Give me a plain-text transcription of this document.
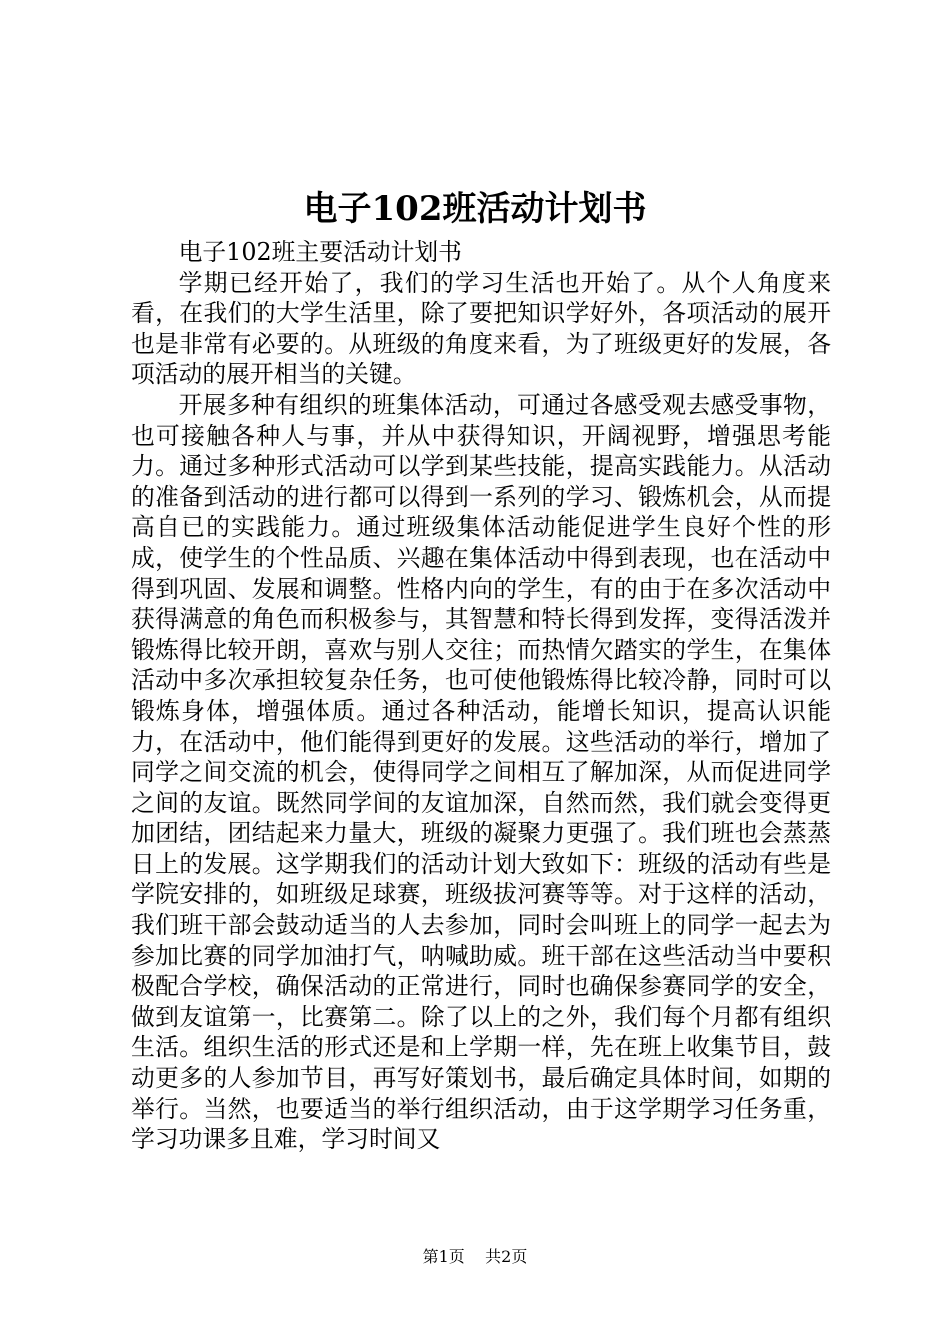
电子102班活动计划书

电子102班主要活动计划书

学期已经开始了，我们的学习生活也开始了。从个人角度来看，在我们的大学生活里，除了要把知识学好外，各项活动的展开也是非常有必要的。从班级的角度来看，为了班级更好的发展，各项活动的展开相当的关键。

开展多种有组织的班集体活动，可通过各感受观去感受事物，也可接触各种人与事，并从中获得知识，开阔视野，增强思考能力。通过多种形式活动可以学到某些技能，提高实践能力。从活动的准备到活动的进行都可以得到一系列的学习、锻炼机会，从而提高自已的实践能力。通过班级集体活动能促进学生良好个性的形成，使学生的个性品质、兴趣在集体活动中得到表现，也在活动中得到巩固、发展和调整。性格内向的学生，有的由于在多次活动中获得满意的角色而积极参与，其智慧和特长得到发挥，变得活泼并锻炼得比较开朗，喜欢与别人交往；而热情欠踏实的学生，在集体活动中多次承担较复杂任务，也可使他锻炼得比较冷静，同时可以锻炼身体，增强体质。通过各种活动，能增长知识，提高认识能力，在活动中，他们能得到更好的发展。这些活动的举行，增加了同学之间交流的机会，使得同学之间相互了解加深，从而促进同学之间的友谊。既然同学间的友谊加深，自然而然，我们就会变得更加团结，团结起来力量大，班级的凝聚力更强了。我们班也会蒸蒸日上的发展。这学期我们的活动计划大致如下：班级的活动有些是学院安排的，如班级足球赛，班级拔河赛等等。对于这样的活动，我们班干部会鼓动适当的人去参加，同时会叫班上的同学一起去为参加比赛的同学加油打气，呐喊助威。班干部在这些活动当中要积极配合学校，确保活动的正常进行，同时也确保参赛同学的安全，做到友谊第一，比赛第二。除了以上的之外，我们每个月都有组织生活。组织生活的形式还是和上学期一样，先在班上收集节目，鼓动更多的人参加节目，再写好策划书，最后确定具体时间，如期的举行。当然，也要适当的举行组织活动，由于这学期学习任务重，学习功课多且难，学习时间又

第1页 共2页
